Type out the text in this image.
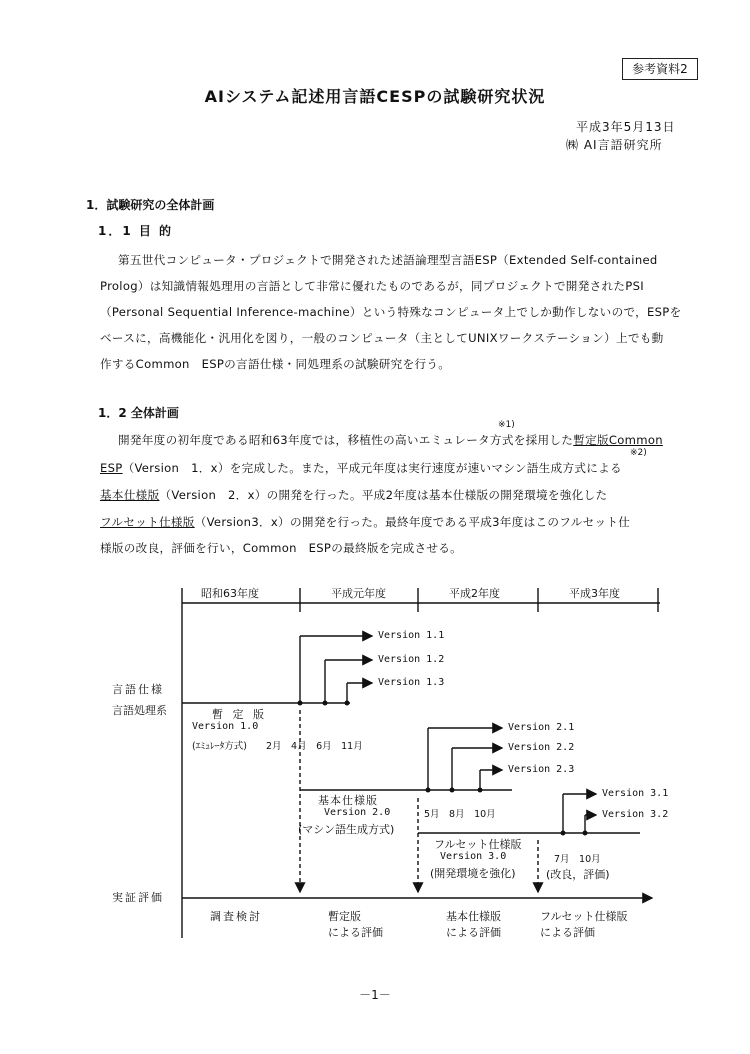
参考資料2
AIシステム記述用言語CESPの試験研究状況
平成3年5月13日
㈱ AI言語研究所
1．試験研究の全体計画
1．1 目 的
第五世代コンピュータ・プロジェクトで開発された述語論理型言語ESP（Extended Self-contained
Prolog）は知識情報処理用の言語として非常に優れたものであるが，同プロジェクトで開発されたPSI
（Personal Sequential Inference-machine）という特殊なコンピュータ上でしか動作しないので，ESPを
ベースに，高機能化・汎用化を図り，一般のコンピュータ（主としてUNIXワークステーション）上でも動
作するCommon　ESPの言語仕様・同処理系の試験研究を行う。
1．2 全体計画
※1)
※2)
開発年度の初年度である昭和63年度では，移植性の高いエミュレータ方式を採用した暫定版Common
ESP（Version　1．x）を完成した。また，平成元年度は実行速度が速いマシン語生成方式による
基本仕様版（Version　2．x）の開発を行った。平成2年度は基本仕様版の開発環境を強化した
フルセット仕様版（Version3．x）の開発を行った。最終年度である平成3年度はこのフルセット仕
様版の改良，評価を行い，Common　ESPの最終版を完成させる。
昭和63年度	平成元年度	平成2年度	平成3年度
言語仕様
言語処理系
実証評価
Version 1.1
Version 1.2
Version 1.3
暫 定 版
Version 1.0
(ｴﾐｭﾚｰﾀ方式) 2月　4月　6月　11月
Version 2.1
Version 2.2
Version 2.3
基本仕様版
Version 2.0
(マシン語生成方式)
5月　8月　10月
Version 3.1
Version 3.2
フルセット仕様版
Version 3.0
(開発環境を強化)
7月　10月
(改良，評価)
調査検討	暫定版
による評価
基本仕様版
による評価
フルセット仕様版
による評価
－1－
